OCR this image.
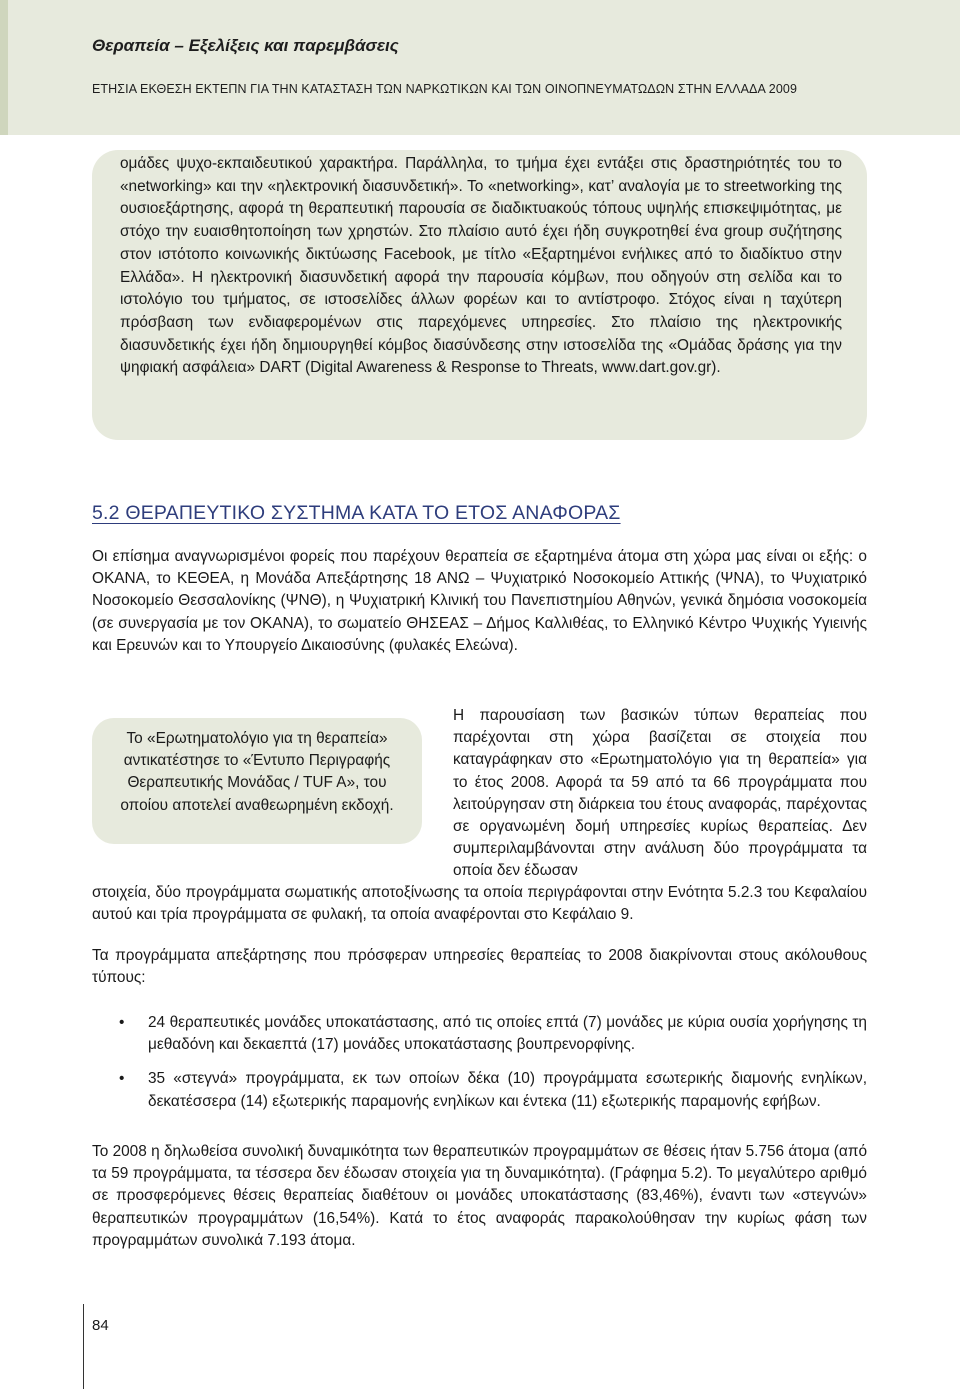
Θεραπεία – Εξελίξεις και παρεμβάσεις
ΕΤΗΣΙΑ ΕΚΘΕΣΗ ΕΚΤΕΠΝ ΓΙΑ ΤΗΝ ΚΑΤΑΣΤΑΣΗ ΤΩΝ ΝΑΡΚΩΤΙΚΩΝ ΚΑΙ ΤΩΝ ΟΙΝΟΠΝΕΥΜΑΤΩΔΩΝ ΣΤΗΝ ΕΛΛΑΔΑ 2009

ομάδες ψυχο-εκπαιδευτικού χαρακτήρα. Παράλληλα, το τμήμα έχει εντάξει στις δραστηριότητές του το «networking» και την «ηλεκτρονική διασυνδετική». Το «networking», κατ’ αναλογία με το streetworking της ουσιοεξάρτησης, αφορά τη θεραπευτική παρουσία σε διαδικτυακούς τόπους υψηλής επισκεψιμότητας, με στόχο την ευαισθητοποίηση των χρηστών. Στο πλαίσιο αυτό έχει ήδη συγκροτηθεί ένα group συζήτησης στον ιστότοπο κοινωνικής δικτύωσης Facebook, με τίτλο «Εξαρτημένοι ενήλικες από το διαδίκτυο στην Ελλάδα». Η ηλεκτρονική διασυνδετική αφορά την παρουσία κόμβων, που οδηγούν στη σελίδα και το ιστολόγιο του τμήματος, σε ιστοσελίδες άλλων φορέων και το αντίστροφο. Στόχος είναι η ταχύτερη πρόσβαση των ενδιαφερομένων στις παρεχόμενες υπηρεσίες. Στο πλαίσιο της ηλεκτρονικής διασυνδετικής έχει ήδη δημιουργηθεί κόμβος διασύνδεσης στην ιστοσελίδα της «Ομάδας δράσης για την ψηφιακή ασφάλεια» DART (Digital Awareness & Response to Threats, www.dart.gov.gr).

5.2 ΘΕΡΑΠΕΥΤΙΚΟ ΣΥΣΤΗΜΑ ΚΑΤΑ ΤΟ ΕΤΟΣ ΑΝΑΦΟΡΑΣ

Οι επίσημα αναγνωρισμένοι φορείς που παρέχουν θεραπεία σε εξαρτημένα άτομα στη χώρα μας είναι οι εξής: ο ΟΚΑΝΑ, το ΚΕΘΕΑ, η Μονάδα Απεξάρτησης 18 ΑΝΩ – Ψυχιατρικό Νοσοκομείο Αττικής (ΨΝΑ), το Ψυχιατρικό Νοσοκομείο Θεσσαλονίκης (ΨΝΘ), η Ψυχιατρική Κλινική του Πανεπιστημίου Αθηνών, γενικά δημόσια νοσοκομεία (σε συνεργασία με τον ΟΚΑΝΑ), το σωματείο ΘΗΣΕΑΣ – Δήμος Καλλιθέας, το Ελληνικό Κέντρο Ψυχικής Υγιεινής και Ερευνών και το Υπουργείο Δικαιοσύνης (φυλακές Ελεώνα).

Το «Ερωτηματολόγιο για τη θεραπεία» αντικατέστησε το «Έντυπο Περιγραφής Θεραπευτικής Μονάδας / TUF A», του οποίου αποτελεί αναθεωρημένη εκδοχή.

Η παρουσίαση των βασικών τύπων θεραπείας που παρέχονται στη χώρα βασίζεται σε στοιχεία που καταγράφηκαν στο «Ερωτηματολόγιο για τη θεραπεία» για το έτος 2008. Αφορά τα 59 από τα 66 προγράμματα που λειτούργησαν στη διάρκεια του έτους αναφοράς, παρέχοντας σε οργανωμένη δομή υπηρεσίες κυρίως θεραπείας. Δεν συμπεριλαμβάνονται στην ανάλυση δύο προγράμματα τα οποία δεν έδωσαν

στοιχεία, δύο προγράμματα σωματικής αποτοξίνωσης τα οποία περιγράφονται στην Ενότητα 5.2.3 του Κεφαλαίου αυτού και τρία προγράμματα σε φυλακή, τα οποία αναφέρονται στο Κεφάλαιο 9.

Τα προγράμματα απεξάρτησης που πρόσφεραν υπηρεσίες θεραπείας το 2008 διακρίνονται στους ακόλουθους τύπους:

• 24 θεραπευτικές μονάδες υποκατάστασης, από τις οποίες επτά (7) μονάδες με κύρια ουσία χορήγησης τη μεθαδόνη και δεκαεπτά (17) μονάδες υποκατάστασης βουπρενορφίνης.
• 35 «στεγνά» προγράμματα, εκ των οποίων δέκα (10) προγράμματα εσωτερικής διαμονής ενηλίκων, δεκατέσσερα (14) εξωτερικής παραμονής ενηλίκων και έντεκα (11) εξωτερικής παραμονής εφήβων.

Το 2008 η δηλωθείσα συνολική δυναμικότητα των θεραπευτικών προγραμμάτων σε θέσεις ήταν 5.756 άτομα (από τα 59 προγράμματα, τα τέσσερα δεν έδωσαν στοιχεία για τη δυναμικότητα). (Γράφημα 5.2). Το μεγαλύτερο αριθμό σε προσφερόμενες θέσεις θεραπείας διαθέτουν οι μονάδες υποκατάστασης (83,46%), έναντι των «στεγνών» θεραπευτικών προγραμμάτων (16,54%). Κατά το έτος αναφοράς παρακολούθησαν την κυρίως φάση των προγραμμάτων συνολικά 7.193 άτομα.

84
